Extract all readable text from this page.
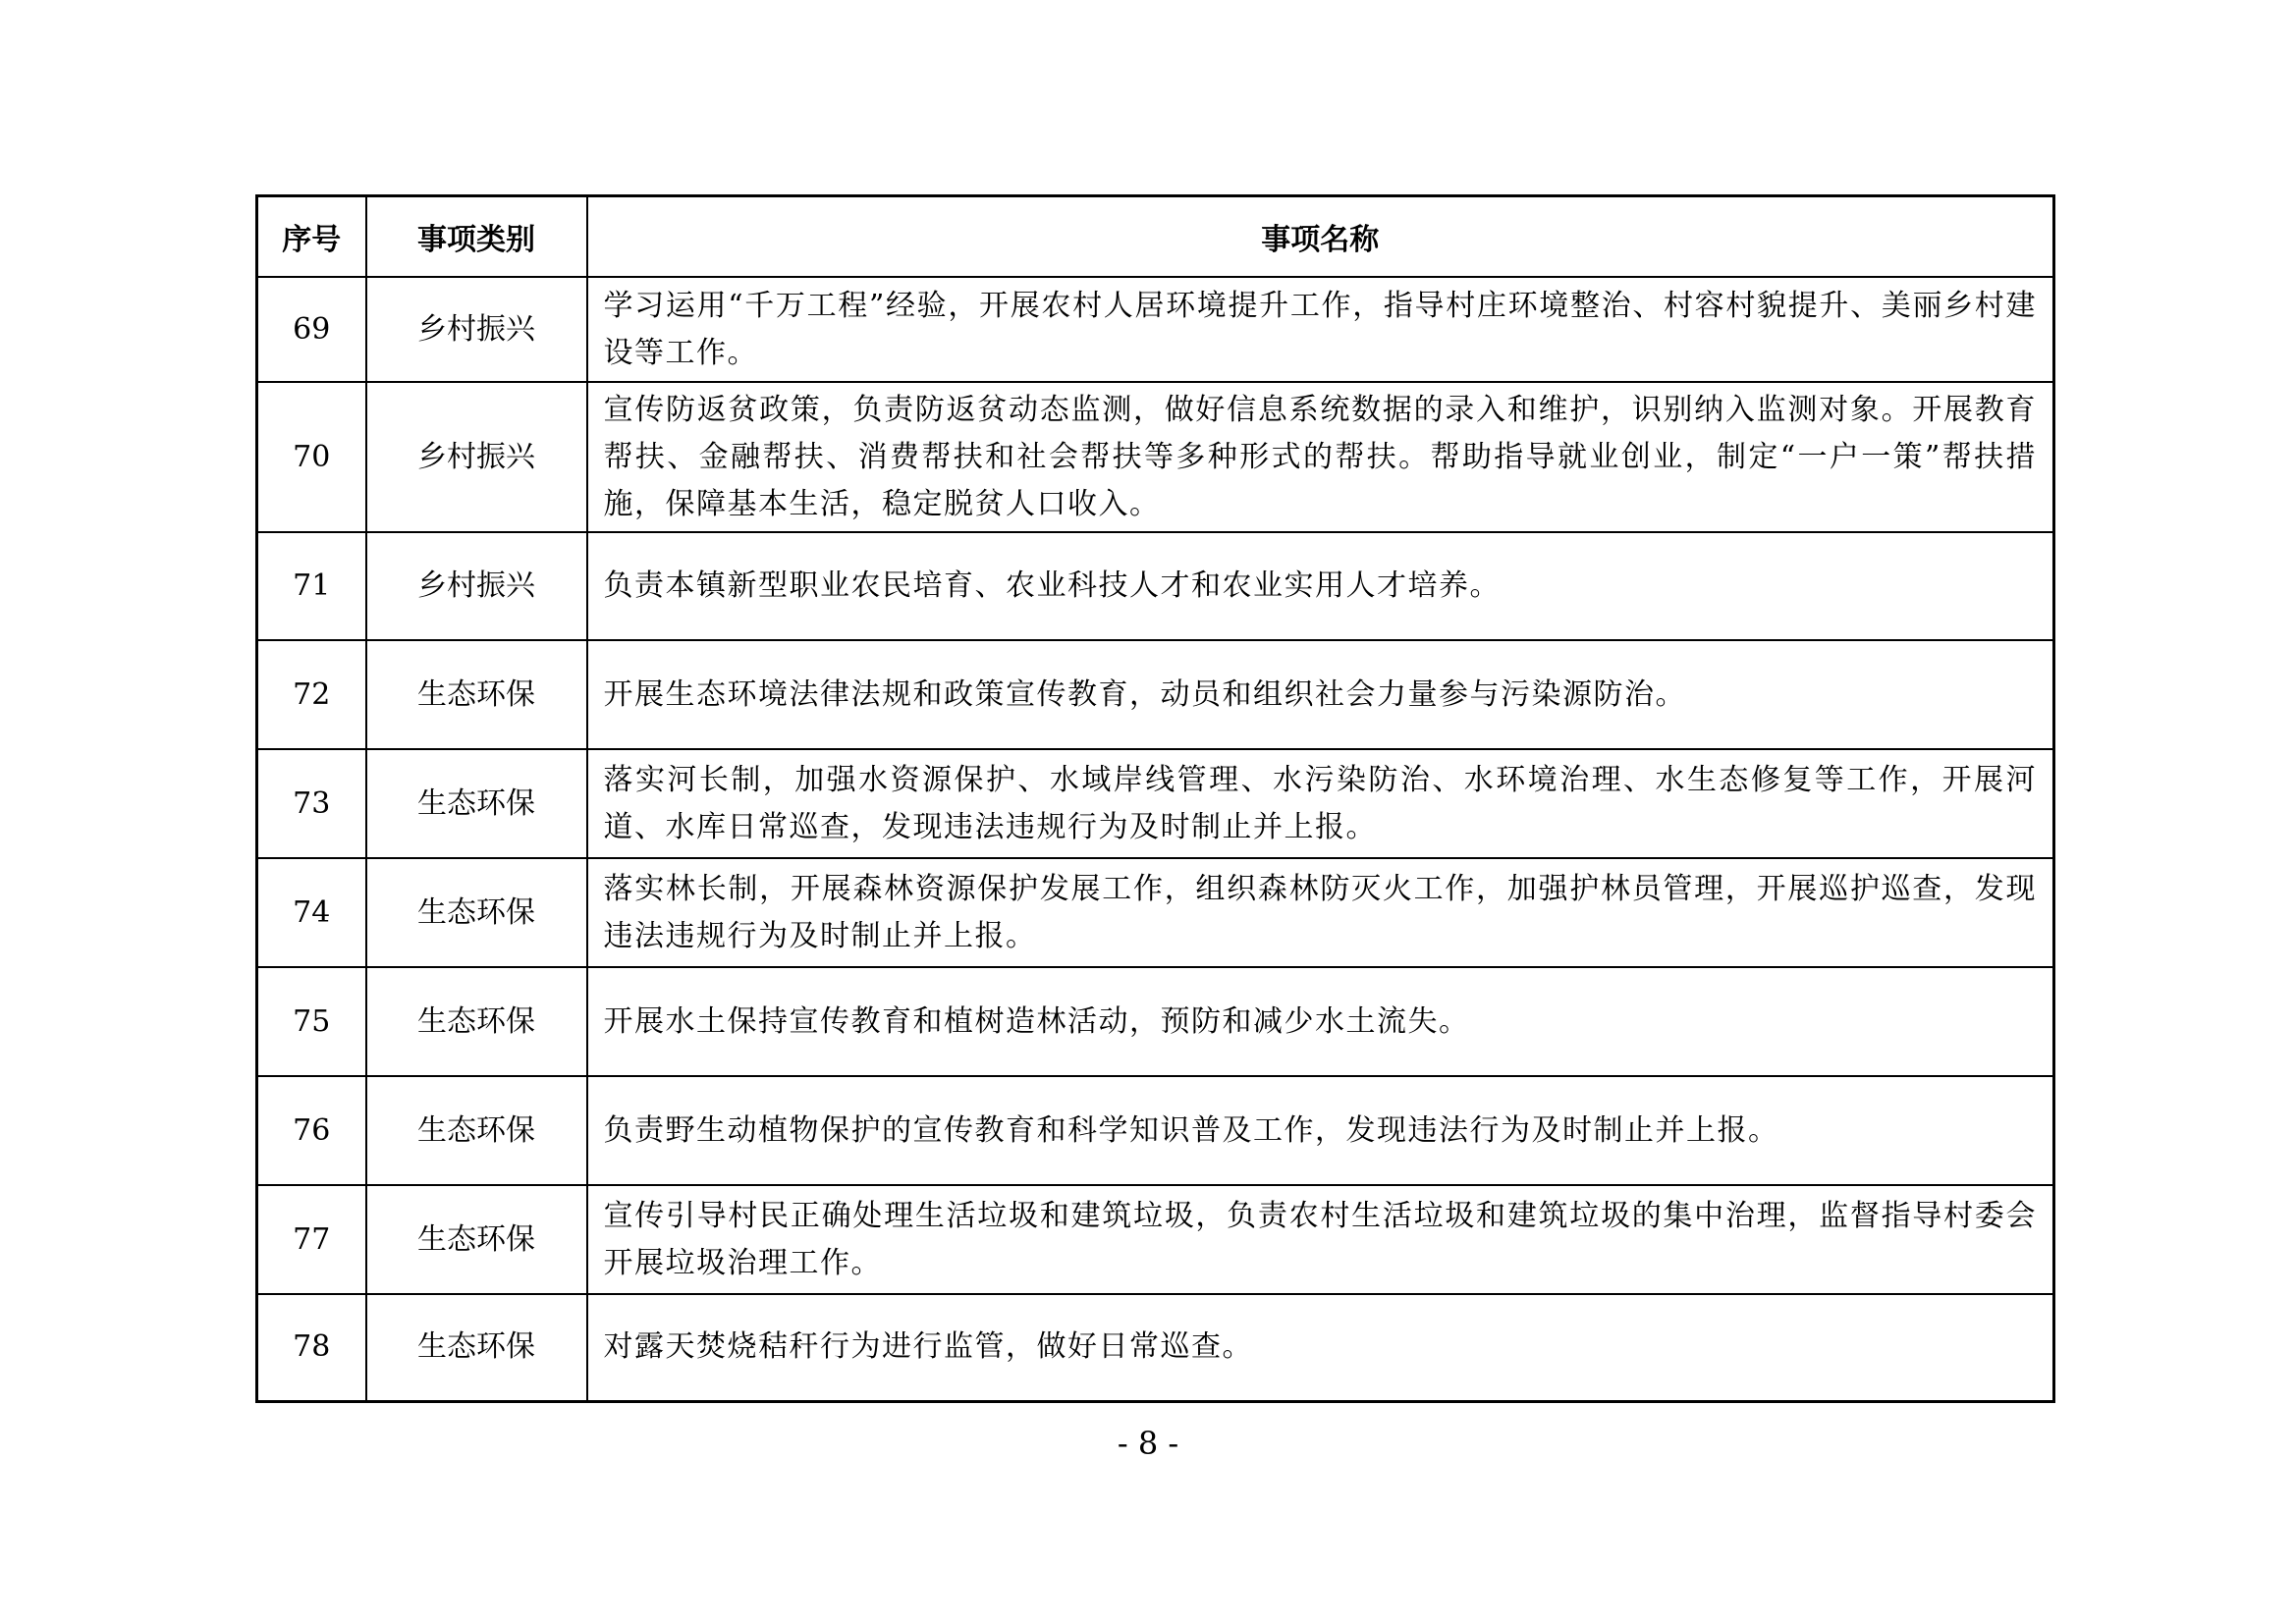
序号	事项类别	事项名称
69	乡村振兴	学习运用“千万工程”经验，开展农村人居环境提升工作，指导村庄环境整治、村容村貌提升、美丽乡村建设等工作。
70	乡村振兴	宣传防返贫政策，负责防返贫动态监测，做好信息系统数据的录入和维护，识别纳入监测对象。开展教育帮扶、金融帮扶、消费帮扶和社会帮扶等多种形式的帮扶。帮助指导就业创业，制定“一户一策”帮扶措施，保障基本生活，稳定脱贫人口收入。
71	乡村振兴	负责本镇新型职业农民培育、农业科技人才和农业实用人才培养。
72	生态环保	开展生态环境法律法规和政策宣传教育，动员和组织社会力量参与污染源防治。
73	生态环保	落实河长制，加强水资源保护、水域岸线管理、水污染防治、水环境治理、水生态修复等工作，开展河道、水库日常巡查，发现违法违规行为及时制止并上报。
74	生态环保	落实林长制，开展森林资源保护发展工作，组织森林防灭火工作，加强护林员管理，开展巡护巡查，发现违法违规行为及时制止并上报。
75	生态环保	开展水土保持宣传教育和植树造林活动，预防和减少水土流失。
76	生态环保	负责野生动植物保护的宣传教育和科学知识普及工作，发现违法行为及时制止并上报。
77	生态环保	宣传引导村民正确处理生活垃圾和建筑垃圾，负责农村生活垃圾和建筑垃圾的集中治理，监督指导村委会开展垃圾治理工作。
78	生态环保	对露天焚烧秸秆行为进行监管，做好日常巡查。
- 8 -
